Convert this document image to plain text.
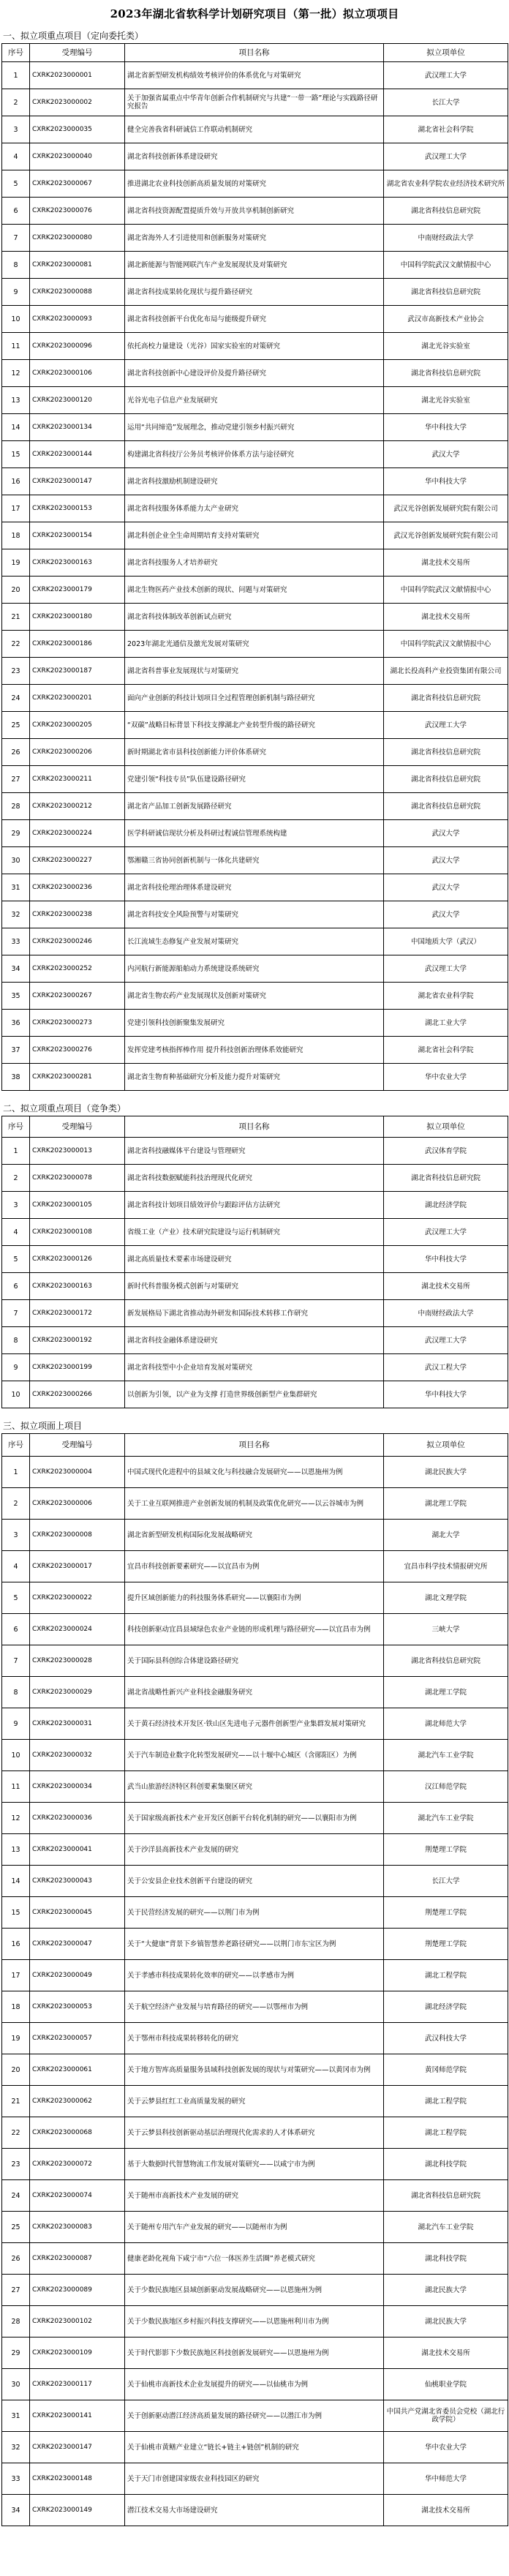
2023年湖北省软科学计划研究项目（第一批）拟立项项目
一、拟立项重点项目（定向委托类）
序号	受理编号	项目名称	拟立项单位
1	CXRK2023000001	湖北省新型研发机构绩效考核评价的体系优化与对策研究	武汉理工大学
2	CXRK2023000002	关于加强省属重点中华青年创新合作机制研究与共建“一带一路”理论与实践路径研究报告	长江大学
3	CXRK2023000035	健全完善我省科研诚信工作联动机制研究	湖北省社会科学院
4	CXRK2023000040	湖北省科技创新体系建设研究	武汉理工大学
5	CXRK2023000067	推进湖北农业科技创新高质量发展的对策研究	湖北省农业科学院农业经济技术研究所
6	CXRK2023000076	湖北省科技资源配置提质升效与开放共享机制创新研究	湖北省科技信息研究院
7	CXRK2023000080	湖北省海外人才引进使用和创新服务对策研究	中南财经政法大学
8	CXRK2023000081	湖北新能源与智能网联汽车产业发展现状及对策研究	中国科学院武汉文献情报中心
9	CXRK2023000088	湖北省科技成果转化现状与提升路径研究	湖北省科技信息研究院
10	CXRK2023000093	湖北省科技创新平台优化布局与能级提升研究	武汉市高新技术产业协会
11	CXRK2023000096	依托高校力量建设（光谷）国家实验室的对策研究	湖北光谷实验室
12	CXRK2023000106	湖北省科技创新中心建设评价及提升路径研究	湖北省科技信息研究院
13	CXRK2023000120	光谷光电子信息产业发展研究	湖北光谷实验室
14	CXRK2023000134	运用“共同缔造”发展理念，推动党建引领乡村振兴研究	华中科技大学
15	CXRK2023000144	构建湖北省科技厅公务员考核评价体系方法与途径研究	武汉大学
16	CXRK2023000147	湖北省科技激励机制建设研究	华中科技大学
17	CXRK2023000153	湖北省科技服务体系能力太产业研究	武汉光谷创新发展研究院有限公司
18	CXRK2023000154	湖北科创企业全生命周期培育支持对策研究	武汉光谷创新发展研究院有限公司
19	CXRK2023000163	湖北省科技服务人才培养研究	湖北技术交易所
20	CXRK2023000179	湖北生物医药产业技术创新的现状、问题与对策研究	中国科学院武汉文献情报中心
21	CXRK2023000180	湖北省科技体制改革创新试点研究	湖北技术交易所
22	CXRK2023000186	2023年湖北光通信及激光发展对策研究	中国科学院武汉文献情报中心
23	CXRK2023000187	湖北省科普事业发展现状与对策研究	湖北长投高科产业投资集团有限公司
24	CXRK2023000201	面向产业创新的科技计划项目全过程管理创新机制与路径研究	湖北省科技信息研究院
25	CXRK2023000205	“双碳”战略目标背景下科技支撑湖北产业转型升级的路径研究	武汉理工大学
26	CXRK2023000206	新时期湖北省市县科技创新能力评价体系研究	湖北省科技信息研究院
27	CXRK2023000211	党建引领“科技专员”队伍建设路径研究	湖北省科技信息研究院
28	CXRK2023000212	湖北省产品加工创新发展路径研究	湖北省科技信息研究院
29	CXRK2023000224	医学科研诚信现状分析及科研过程诚信管理系统构建	武汉大学
30	CXRK2023000227	鄂湘赣三省协同创新机制与一体化共建研究	武汉大学
31	CXRK2023000236	湖北省科技伦理治理体系建设研究	武汉大学
32	CXRK2023000238	湖北省科技安全风险预警与对策研究	武汉大学
33	CXRK2023000246	长江流域生态修复产业发展对策研究	中国地质大学（武汉）
34	CXRK2023000252	内河航行新能源船舶动力系统建设系统研究	武汉理工大学
35	CXRK2023000267	湖北省生物农药产业发展现状及创新对策研究	湖北省农业科学院
36	CXRK2023000273	党建引领科技创新聚集发展研究	湖北工业大学
37	CXRK2023000276	发挥党建考核指挥棒作用 提升科技创新治理体系效能研究	湖北省社会科学院
38	CXRK2023000281	湖北省生物育种基础研究分析及能力提升对策研究	华中农业大学
二、拟立项重点项目（竞争类）
序号	受理编号	项目名称	拟立项单位
1	CXRK2023000013	湖北省科技融媒体平台建设与管理研究	武汉体育学院
2	CXRK2023000078	湖北省科技数据赋能科技治理现代化研究	湖北省科技信息研究院
3	CXRK2023000105	湖北省科技计划项目绩效评价与跟踪评估方法研究	湖北经济学院
4	CXRK2023000108	省级工业（产业）技术研究院建设与运行机制研究	武汉理工大学
5	CXRK2023000126	湖北高质量技术要素市场建设研究	华中科技大学
6	CXRK2023000163	新时代科普服务模式创新与对策研究	湖北技术交易所
7	CXRK2023000172	新发展格局下湖北省推动海外研发和国际技术转移工作研究	中南财经政法大学
8	CXRK2023000192	湖北省科技金融体系建设研究	武汉理工大学
9	CXRK2023000199	湖北省科技型中小企业培育发展对策研究	武汉工程大学
10	CXRK2023000266	以创新为引领，以产业为支撑 打造世界级创新型产业集群研究	华中科技大学
三、拟立项面上项目
序号	受理编号	项目名称	拟立项单位
1	CXRK2023000004	中国式现代化进程中的县域文化与科技融合发展研究——以恩施州为例	湖北民族大学
2	CXRK2023000006	关于工业互联网推进产业创新发展的机制及政策优化研究——以云谷城市为例	湖北理工学院
3	CXRK2023000008	湖北省新型研发机构国际化发展战略研究	湖北大学
4	CXRK2023000017	宜昌市科技创新要素研究——以宜昌市为例	宜昌市科学技术情报研究所
5	CXRK2023000022	提升区域创新能力的科技服务体系研究——以襄阳市为例	湖北文理学院
6	CXRK2023000024	科技创新驱动宜昌县域绿色农业产业链的形成机理与路径研究——以宜昌市为例	三峡大学
7	CXRK2023000028	关于国际县科创综合体建设路径研究	湖北省科技信息研究院
8	CXRK2023000029	湖北省战略性新兴产业科技金融服务研究	湖北理工学院
9	CXRK2023000031	关于黄石经济技术开发区·铁山区先进电子元器件创新型产业集群发展对策研究	湖北师范大学
10	CXRK2023000032	关于汽车制造业数字化转型发展研究——以十堰中心城区（含郧阳区）为例	湖北汽车工业学院
11	CXRK2023000034	武当山旅游经济特区科创要素集聚区研究	汉江师范学院
12	CXRK2023000036	关于国家级高新技术产业开发区创新平台转化机制的研究——以襄阳市为例	湖北汽车工业学院
13	CXRK2023000041	关于沙洋县高新技术产业发展的研究	荆楚理工学院
14	CXRK2023000043	关于公安县企业技术创新平台建设的研究	长江大学
15	CXRK2023000045	关于民营经济发展的研究——以荆门市为例	荆楚理工学院
16	CXRK2023000047	关于“大健康”背景下乡镇智慧养老路径研究——以荆门市东宝区为例	荆楚理工学院
17	CXRK2023000049	关于孝感市科技成果转化效率的研究——以孝感市为例	湖北工程学院
18	CXRK2023000053	关于航空经济产业发展与培育路径的研究——以鄂州市为例	湖北经济学院
19	CXRK2023000057	关于鄂州市科技成果转移转化的研究	武汉科技大学
20	CXRK2023000061	关于地方智库高质量服务县域科技创新发展的现状与对策研究——以黄冈市为例	黄冈师范学院
21	CXRK2023000062	关于云梦县红红工业高质量发展的研究	湖北工程学院
22	CXRK2023000068	关于云梦县科技创新驱动基层治理现代化需求的人才体系研究	湖北工程学院
23	CXRK2023000072	基于大数据时代智慧物流工作发展对策研究——以咸宁市为例	湖北科技学院
24	CXRK2023000074	关于随州市高新技术产业发展的研究	湖北省科技信息研究院
25	CXRK2023000083	关于随州专用汽车产业发展的研究——以随州市为例	湖北汽车工业学院
26	CXRK2023000087	健康老龄化视角下咸宁市“六位一体医养生活圈”养老模式研究	湖北科技学院
27	CXRK2023000089	关于少数民族地区县域创新驱动发展战略研究——以恩施州为例	湖北民族大学
28	CXRK2023000102	关于少数民族地区乡村振兴科技支撑研究——以恩施州利川市为例	湖北民族大学
29	CXRK2023000109	关于时代影影下少数民族地区科技创新发展研究——以恩施州为例	湖北技术交易所
30	CXRK2023000117	关于仙桃市高新技术企业发展提升的研究——以仙桃市为例	仙桃职业学院
31	CXRK2023000141	关于创新驱动潜江经济高质量发展的路径研究——以潜江市为例	中国共产党湖北省委员会党校（湖北行政学院）
32	CXRK2023000147	关于仙桃市黄鳝产业建立“链长+链主+链创”机制的研究	华中农业大学
33	CXRK2023000148	关于天门市创建国家级农业科技园区的研究	华中师范大学
34	CXRK2023000149	潜江技术交易大市场建设研究	湖北技术交易所
